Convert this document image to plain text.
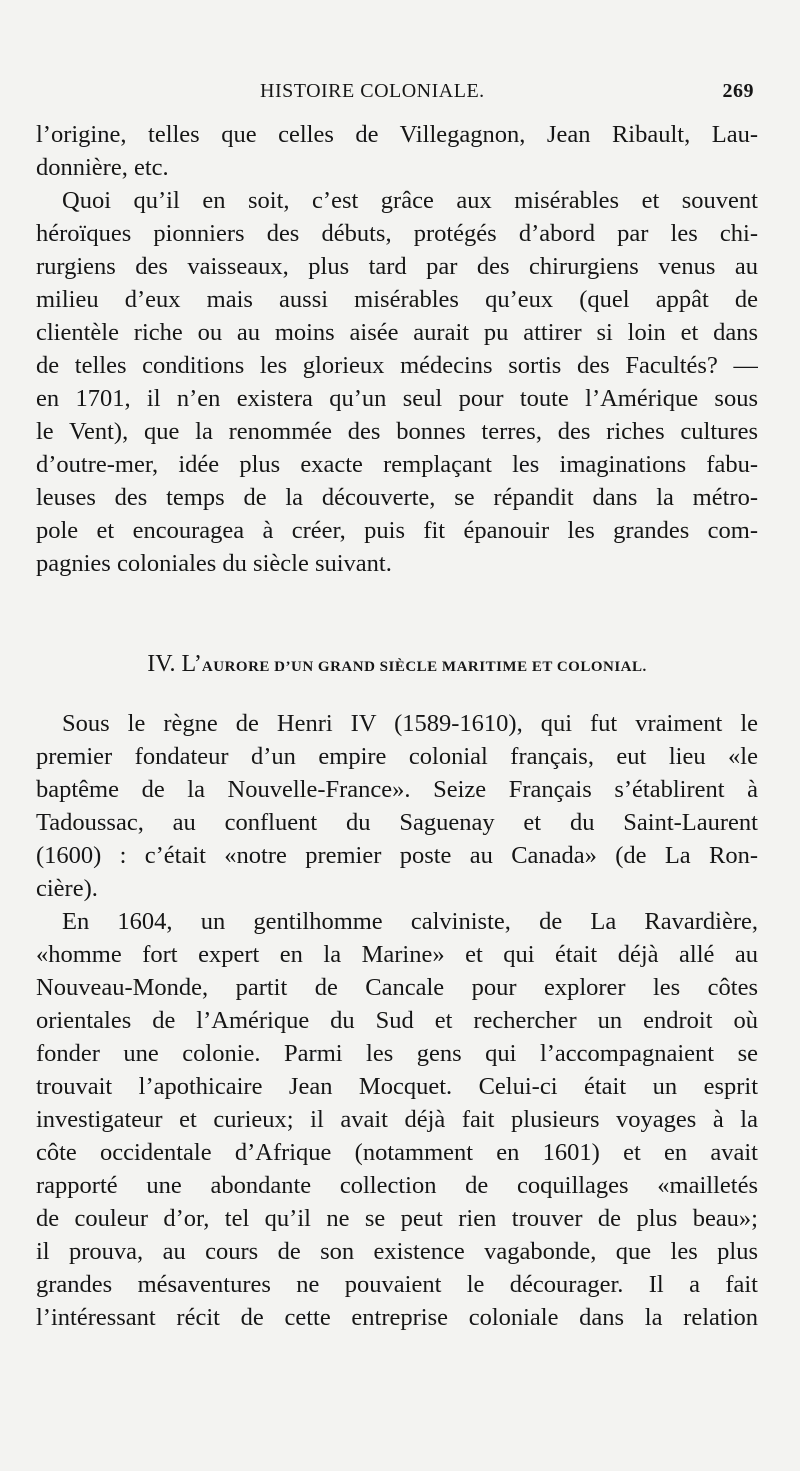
HISTOIRE COLONIALE.	269
l’origine, telles que celles de Villegagnon, Jean Ribault, Lau-
donnière, etc.
Quoi qu’il en soit, c’est grâce aux misérables et souvent
héroïques pionniers des débuts, protégés d’abord par les chi-
rurgiens des vaisseaux, plus tard par des chirurgiens venus au
milieu d’eux mais aussi misérables qu’eux (quel appât de
clientèle riche ou au moins aisée aurait pu attirer si loin et dans
de telles conditions les glorieux médecins sortis des Facultés? —
en 1701, il n’en existera qu’un seul pour toute l’Amérique sous
le Vent), que la renommée des bonnes terres, des riches cultures
d’outre-mer, idée plus exacte remplaçant les imaginations fabu-
leuses des temps de la découverte, se répandit dans la métro-
pole et encouragea à créer, puis fit épanouir les grandes com-
pagnies coloniales du siècle suivant.
IV. L’AURORE D’UN GRAND SIÈCLE MARITIME ET COLONIAL.
Sous le règne de Henri IV (1589-1610), qui fut vraiment le
premier fondateur d’un empire colonial français, eut lieu «le
baptême de la Nouvelle-France». Seize Français s’établirent à
Tadoussac, au confluent du Saguenay et du Saint-Laurent
(1600) : c’était «notre premier poste au Canada» (de La Ron-
cière).
En 1604, un gentilhomme calviniste, de La Ravardière,
«homme fort expert en la Marine» et qui était déjà allé au
Nouveau-Monde, partit de Cancale pour explorer les côtes
orientales de l’Amérique du Sud et rechercher un endroit où
fonder une colonie. Parmi les gens qui l’accompagnaient se
trouvait l’apothicaire Jean Mocquet. Celui-ci était un esprit
investigateur et curieux; il avait déjà fait plusieurs voyages à la
côte occidentale d’Afrique (notamment en 1601) et en avait
rapporté une abondante collection de coquillages «mailletés
de couleur d’or, tel qu’il ne se peut rien trouver de plus beau»;
il prouva, au cours de son existence vagabonde, que les plus
grandes mésaventures ne pouvaient le décourager. Il a fait
l’intéressant récit de cette entreprise coloniale dans la relation
